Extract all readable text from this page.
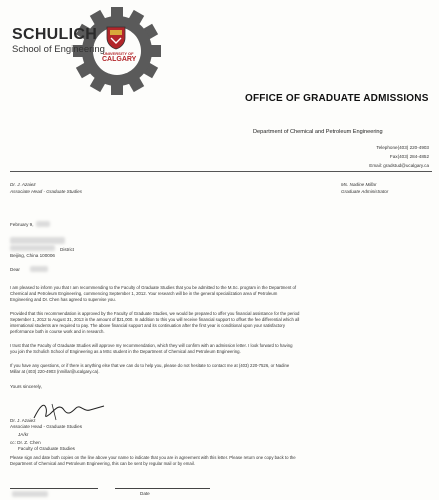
UNIVERSITY OF
CALGARY
SCHULICH
School of Engineering
OFFICE OF GRADUATE ADMISSIONS
Department of Chemical and Petroleum Engineering
Telephone(403) 220-4903
Fax(403) 284-4852
Email: gradstud@ucalgary.ca
Dr. J. Azaiez
Associate Head - Graduate Studies
Ms. Nadine Millar
Graduate Administrator
February 9,
District
Beijing, China 100006
Dear
I am pleased to inform you that I am recommending to the Faculty of Graduate Studies that you be admitted to the M.Sc. program in the Department of
Chemical and Petroleum Engineering, commencing September 1, 2012. Your research will be in the general specialization area of Petroleum
Engineering and Dr. Chen has agreed to supervise you.
Provided that this recommendation is approved by the Faculty of Graduate Studies, we would be prepared to offer you financial assistance for the period
September 1, 2012 to August 31, 2013 in the amount of $21,000. In addition to this you will receive financial support to offset the fee differential which all
international students are required to pay. The above financial support and its continuation after the first year is conditional upon your satisfactory
performance both in course work and in research.
I trust that the Faculty of Graduate Studies will approve my recommendation, which they will confirm with an admission letter. I look forward to having
you join the Schulich School of Engineering as a MSc student in the Department of Chemical and Petroleum Engineering.
If you have any questions, or if there is anything else that we can do to help you, please do not hesitate to contact me at (403) 220-7526, or Nadine
Millar at (403) 220-4903 (nmillar@ucalgary.ca).
Yours sincerely,
Dr. J. Azaiez
Associate Head - Graduate Studies
JA/kr
cc: Dr. Z. Chen
Faculty of Graduate Studies
Please sign and date both copies on the line above your name to indicate that you are in agreement with this letter. Please return one copy back to the
Department of Chemical and Petroleum Engineering, this can be sent by regular mail or by email.
Date
